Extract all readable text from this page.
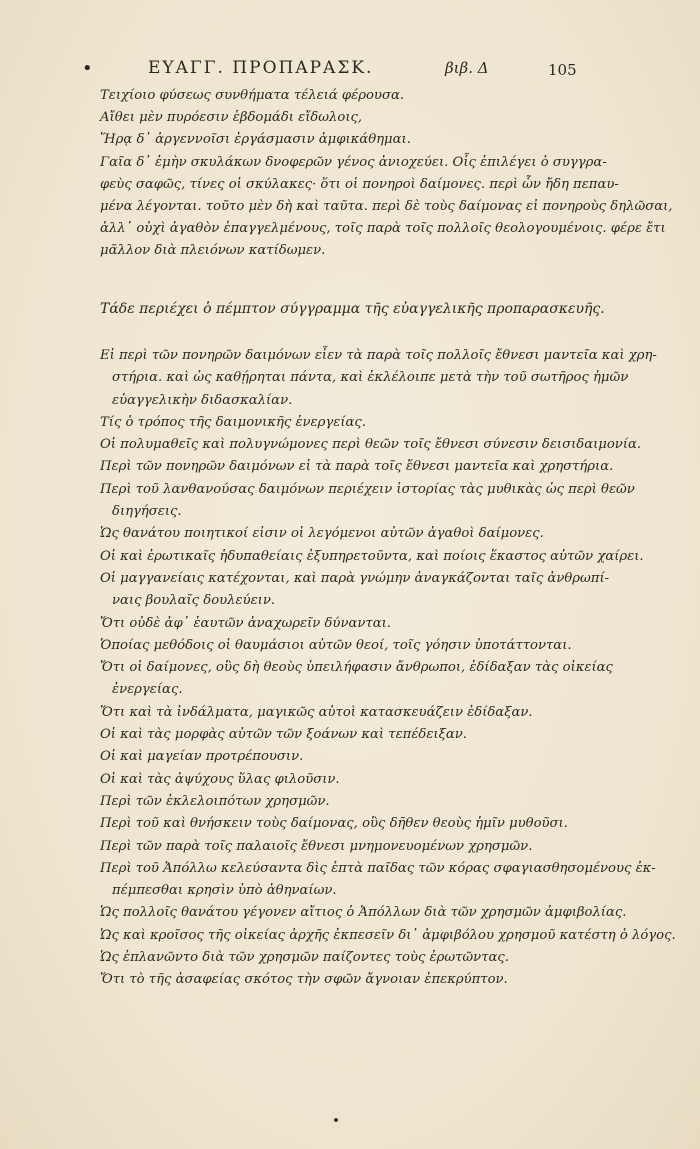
•	ΕΥΑΓΓ. ΠΡΟΠΑΡΑΣΚ.	βιβ. Δ	105
Τειχίοιο φύσεως συνθήματα τέλειά φέρουσα.
Αἴθει μὲν πυρόεσιν ἑβδομάδι εἴδωλοις,
Ἥρᾳ δ᾽ ἀργεννοῖσι ἐργάσμασιν ἀμφικάθημαι.
Γαῖα δ᾽ ἐμὴν σκυλάκων δνοφερῶν γένος ἀνιοχεύει. Οἷς ἐπιλέγει ὁ συγγρα-
φεὺς σαφῶς, τίνες οἱ σκύλακες· ὅτι οἱ πονηροὶ δαίμονες. περὶ ὧν ἤδη πεπαυ-
μένα λέγονται. τοῦτο μὲν δὴ καὶ ταῦτα. περὶ δὲ τοὺς δαίμονας εἰ πονηροὺς δηλῶσαι,
ἀλλ᾽ οὐχὶ ἀγαθὸν ἐπαγγελμένους, τοῖς παρὰ τοῖς πολλοῖς θεολογουμένοις. φέρε ἔτι
μᾶλλον διὰ πλειόνων κατίδωμεν.
Τάδε περιέχει ὁ πέμπτον σύγγραμμα τῆς εὐαγγελικῆς προπαρασκευῆς.
Εἰ περὶ τῶν πονηρῶν δαιμόνων εἶεν τὰ παρὰ τοῖς πολλοῖς ἔθνεσι μαντεῖα καὶ χρη-
στήρια. καὶ ὡς καθῄρηται πάντα, καὶ ἐκλέλοιπε μετὰ τὴν τοῦ σωτῆρος ἡμῶν
εὐαγγελικὴν διδασκαλίαν.
Τίς ὁ τρόπος τῆς δαιμονικῆς ἐνεργείας.
Οἱ πολυμαθεῖς καὶ πολυγνώμονες περὶ θεῶν τοῖς ἔθνεσι σύνεσιν δεισιδαιμονία.
Περὶ τῶν πονηρῶν δαιμόνων εἰ τὰ παρὰ τοῖς ἔθνεσι μαντεῖα καὶ χρηστήρια.
Περὶ τοῦ λανθανούσας δαιμόνων περιέχειν ἱστορίας τὰς μυθικὰς ὡς περὶ θεῶν
διηγήσεις.
Ὡς θανάτου ποιητικοί εἰσιν οἱ λεγόμενοι αὐτῶν ἀγαθοὶ δαίμονες.
Οἱ καὶ ἐρωτικαῖς ἡδυπαθείαις ἐξυπηρετοῦντα, καὶ ποίοις ἕκαστος αὐτῶν χαίρει.
Οἱ μαγγανείαις κατέχονται, καὶ παρὰ γνώμην ἀναγκάζονται ταῖς ἀνθρωπί-
ναις βουλαῖς δουλεύειν.
Ὅτι οὐδὲ ἀφ᾽ ἑαυτῶν ἀναχωρεῖν δύνανται.
Ὁποίας μεθόδοις οἱ θαυμάσιοι αὐτῶν θεοί, τοῖς γόησιν ὑποτάττονται.
Ὅτι οἱ δαίμονες, οὓς δὴ θεοὺς ὑπειλήφασιν ἄνθρωποι, ἐδίδαξαν τὰς οἰκείας
ἐνεργείας.
Ὅτι καὶ τὰ ἰνδάλματα, μαγικῶς αὐτοὶ κατασκευάζειν ἐδίδαξαν.
Οἱ καὶ τὰς μορφὰς αὐτῶν τῶν ξοάνων καὶ τεπέδειξαν.
Οἱ καὶ μαγείαν προτρέπουσιν.
Οἱ καὶ τὰς ἀψύχους ὕλας φιλοῦσιν.
Περὶ τῶν ἐκλελοιπότων χρησμῶν.
Περὶ τοῦ καὶ θνήσκειν τοὺς δαίμονας, οὓς δῆθεν θεοὺς ἡμῖν μυθοῦσι.
Περὶ τῶν παρὰ τοῖς παλαιοῖς ἔθνεσι μνημονευομένων χρησμῶν.
Περὶ τοῦ Ἀπόλλω κελεύσαντα δὶς ἑπτὰ παῖδας τῶν κόρας σφαγιασθησομένους ἐκ-
πέμπεσθαι κρησὶν ὑπὸ ἀθηναίων.
Ὡς πολλοῖς θανάτου γέγονεν αἴτιος ὁ Ἀπόλλων διὰ τῶν χρησμῶν ἀμφιβολίας.
Ὡς καὶ κροῖσος τῆς οἰκείας ἀρχῆς ἐκπεσεῖν δι᾽ ἀμφιβόλου χρησμοῦ κατέστη ὁ λόγος.
Ὡς ἐπλανῶντο διὰ τῶν χρησμῶν παίζοντες τοὺς ἐρωτῶντας.
Ὅτι τὸ τῆς ἀσαφείας σκότος τὴν σφῶν ἄγνοιαν ἐπεκρύπτον.
